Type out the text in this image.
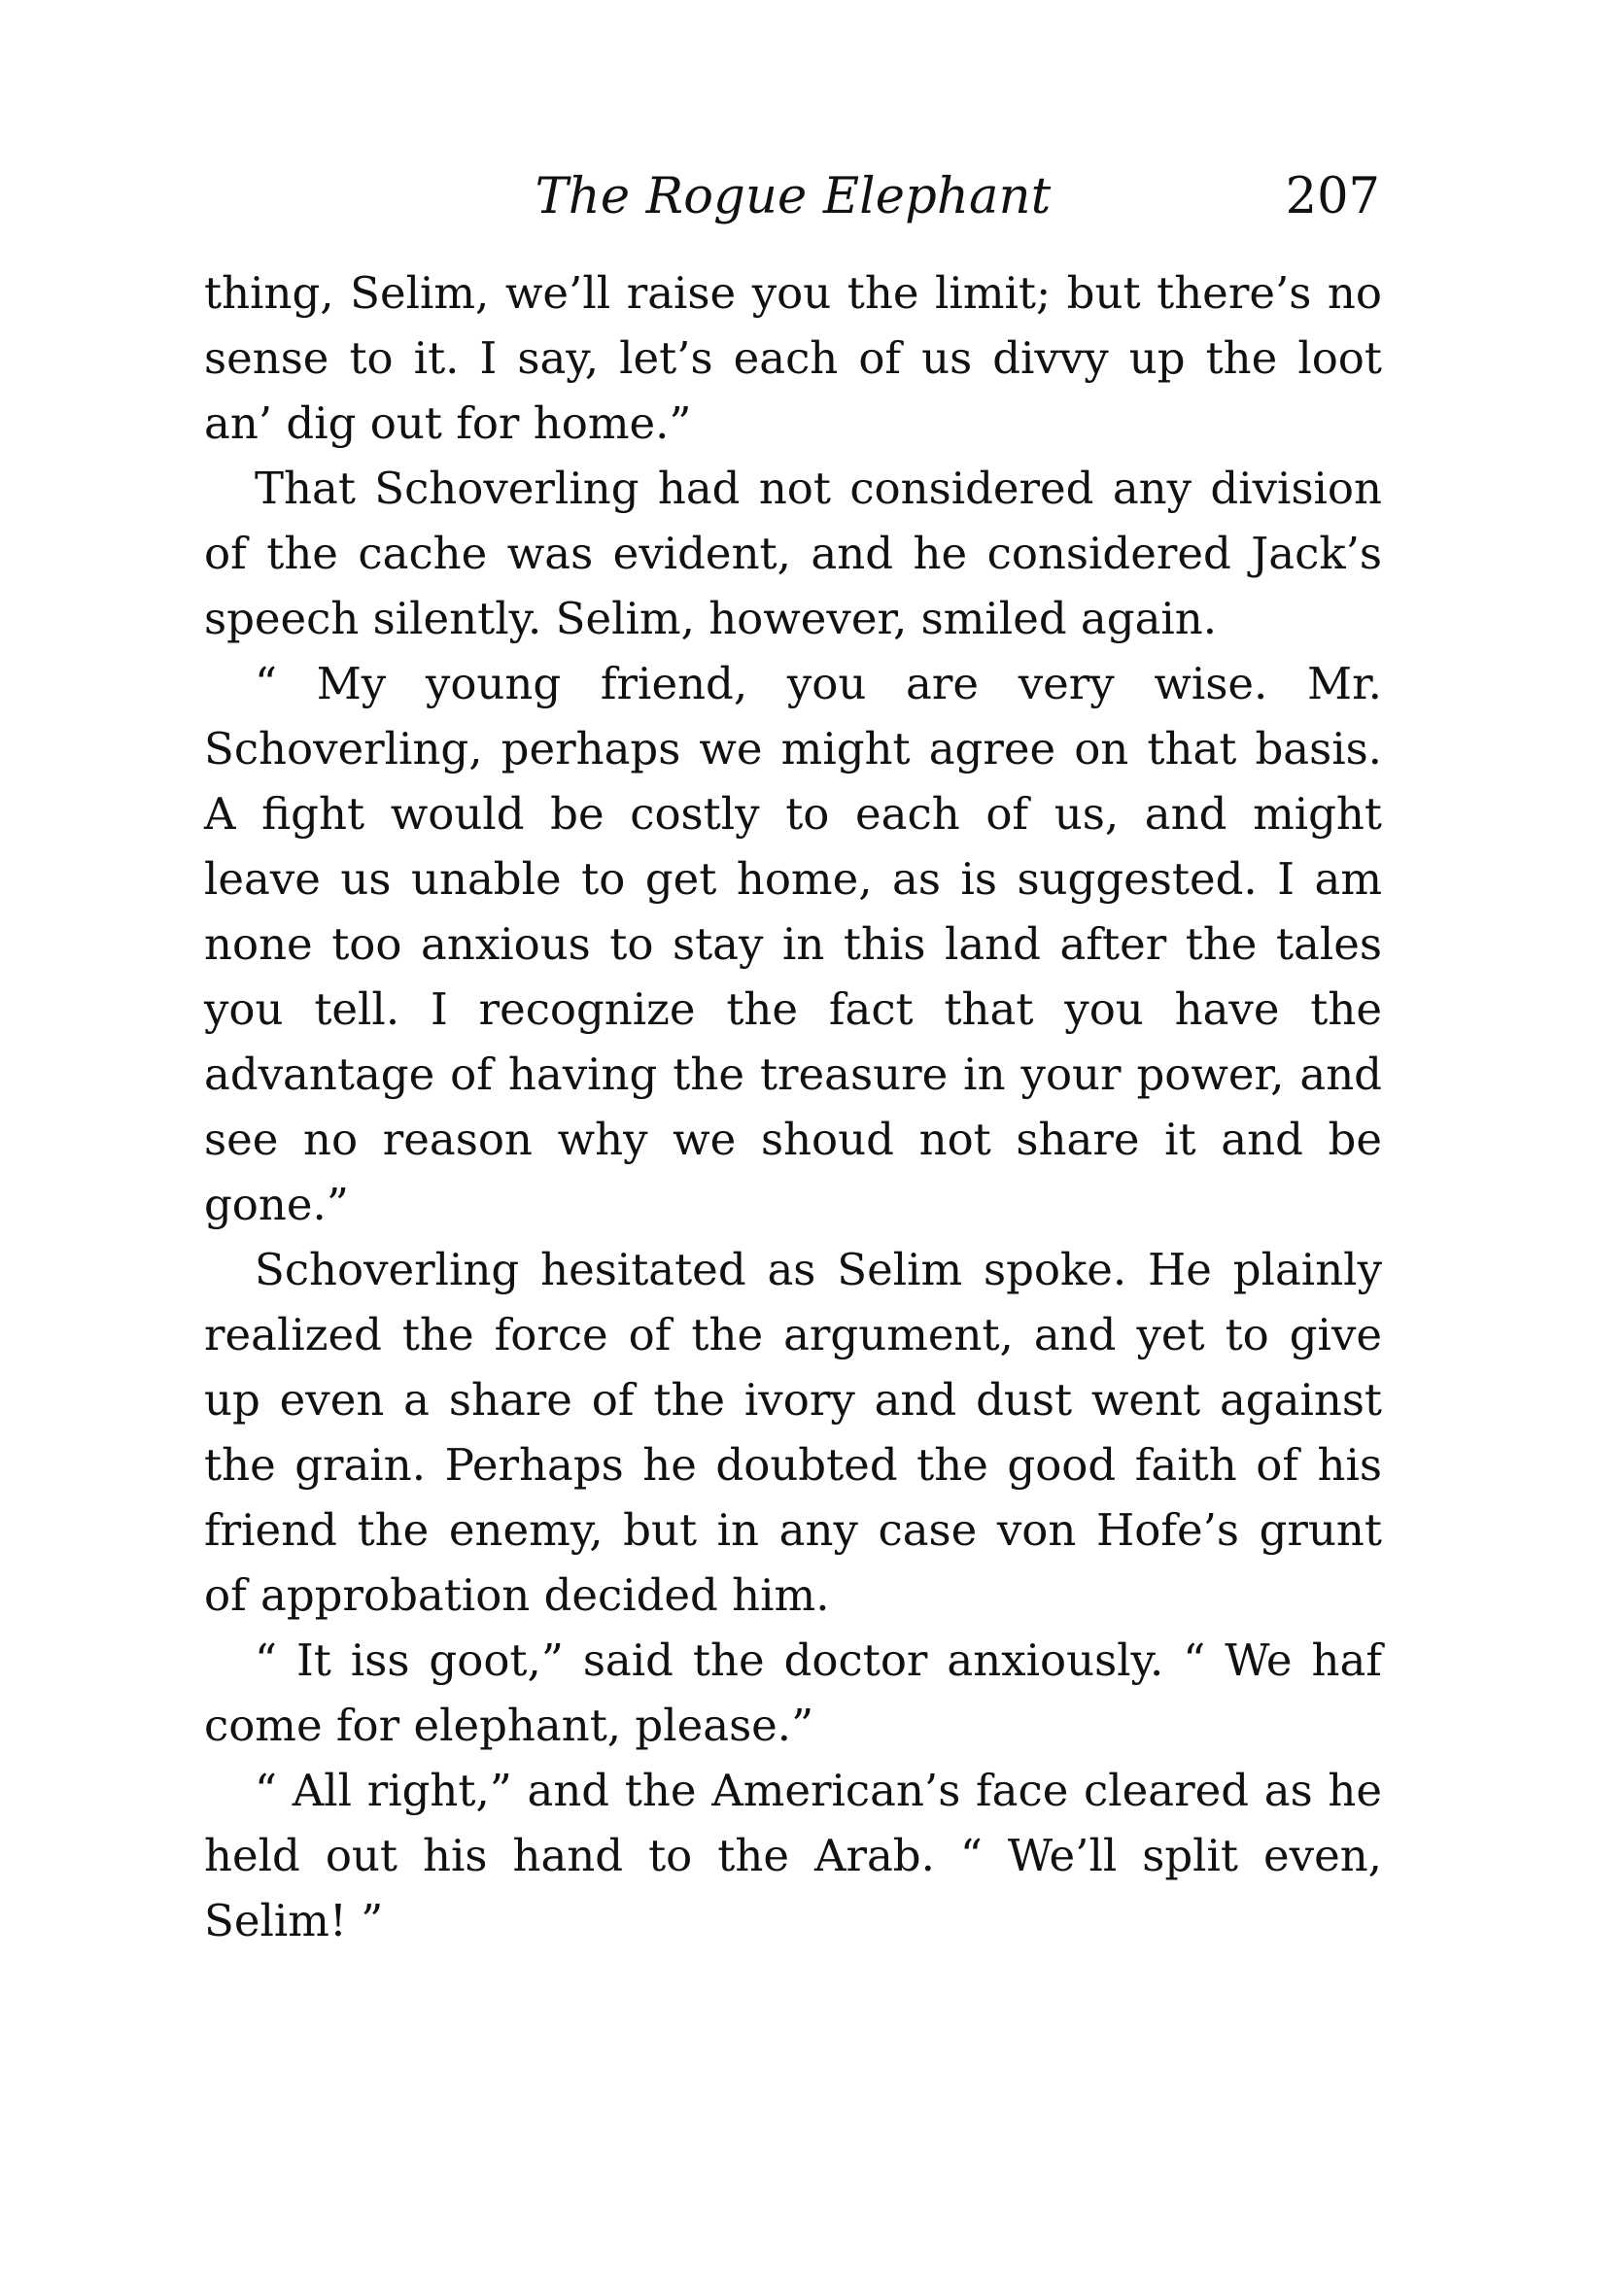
The Rogue Elephant	207

thing, Selim, we’ll raise you the limit; but there’s no sense to it. I say, let’s each of us divvy up the loot an’ dig out for home.”

That Schoverling had not considered any division of the cache was evident, and he considered Jack’s speech silently. Selim, however, smiled again.

“ My young friend, you are very wise. Mr. Schoverling, perhaps we might agree on that basis. A fight would be costly to each of us, and might leave us unable to get home, as is suggested. I am none too anxious to stay in this land after the tales you tell. I recognize the fact that you have the advantage of having the treasure in your power, and see no reason why we shoud not share it and be gone.”

Schoverling hesitated as Selim spoke. He plainly realized the force of the argument, and yet to give up even a share of the ivory and dust went against the grain. Perhaps he doubted the good faith of his friend the enemy, but in any case von Hofe’s grunt of approbation decided him.

“ It iss goot,” said the doctor anxiously. “ We haf come for elephant, please.”

“ All right,” and the American’s face cleared as he held out his hand to the Arab. “ We’ll split even, Selim! ”
